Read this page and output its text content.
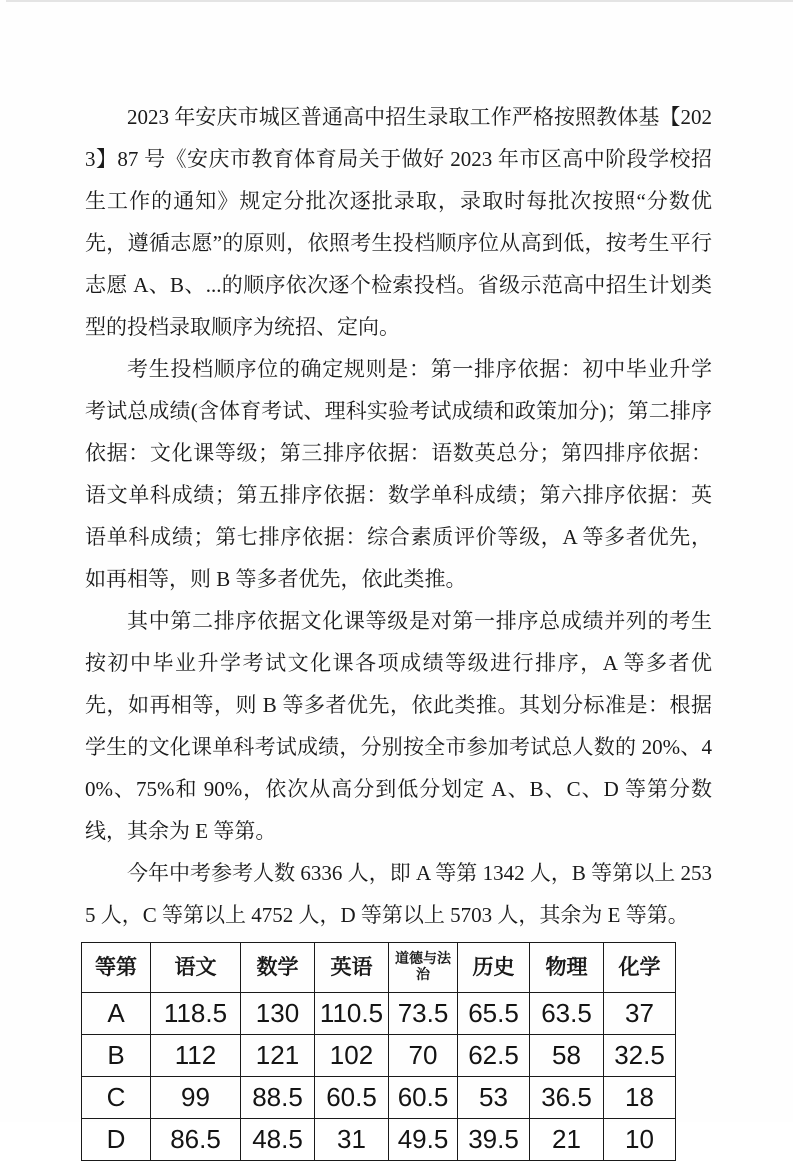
2023 年安庆市城区普通高中招生录取工作严格按照教体基【2023】87 号《安庆市教育体育局关于做好 2023 年市区高中阶段学校招生工作的通知》规定分批次逐批录取，录取时每批次按照“分数优先，遵循志愿”的原则，依照考生投档顺序位从高到低，按考生平行志愿 A、B、...的顺序依次逐个检索投档。省级示范高中招生计划类型的投档录取顺序为统招、定向。

考生投档顺序位的确定规则是：第一排序依据：初中毕业升学考试总成绩(含体育考试、理科实验考试成绩和政策加分)；第二排序依据：文化课等级；第三排序依据：语数英总分；第四排序依据：语文单科成绩；第五排序依据：数学单科成绩；第六排序依据：英语单科成绩；第七排序依据：综合素质评价等级，A 等多者优先，如再相等，则 B 等多者优先，依此类推。

其中第二排序依据文化课等级是对第一排序总成绩并列的考生按初中毕业升学考试文化课各项成绩等级进行排序，A 等多者优先，如再相等，则 B 等多者优先，依此类推。其划分标准是：根据学生的文化课单科考试成绩，分别按全市参加考试总人数的 20%、40%、75%和 90%，依次从高分到低分划定 A、B、C、D 等第分数线，其余为 E 等第。

今年中考参考人数 6336 人，即 A 等第 1342 人，B 等第以上 2535 人，C 等第以上 4752 人，D 等第以上 5703 人，其余为 E 等第。

等第	语文	数学	英语	道德与法治	历史	物理	化学
A	118.5	130	110.5	73.5	65.5	63.5	37
B	112	121	102	70	62.5	58	32.5
C	99	88.5	60.5	60.5	53	36.5	18
D	86.5	48.5	31	49.5	39.5	21	10
